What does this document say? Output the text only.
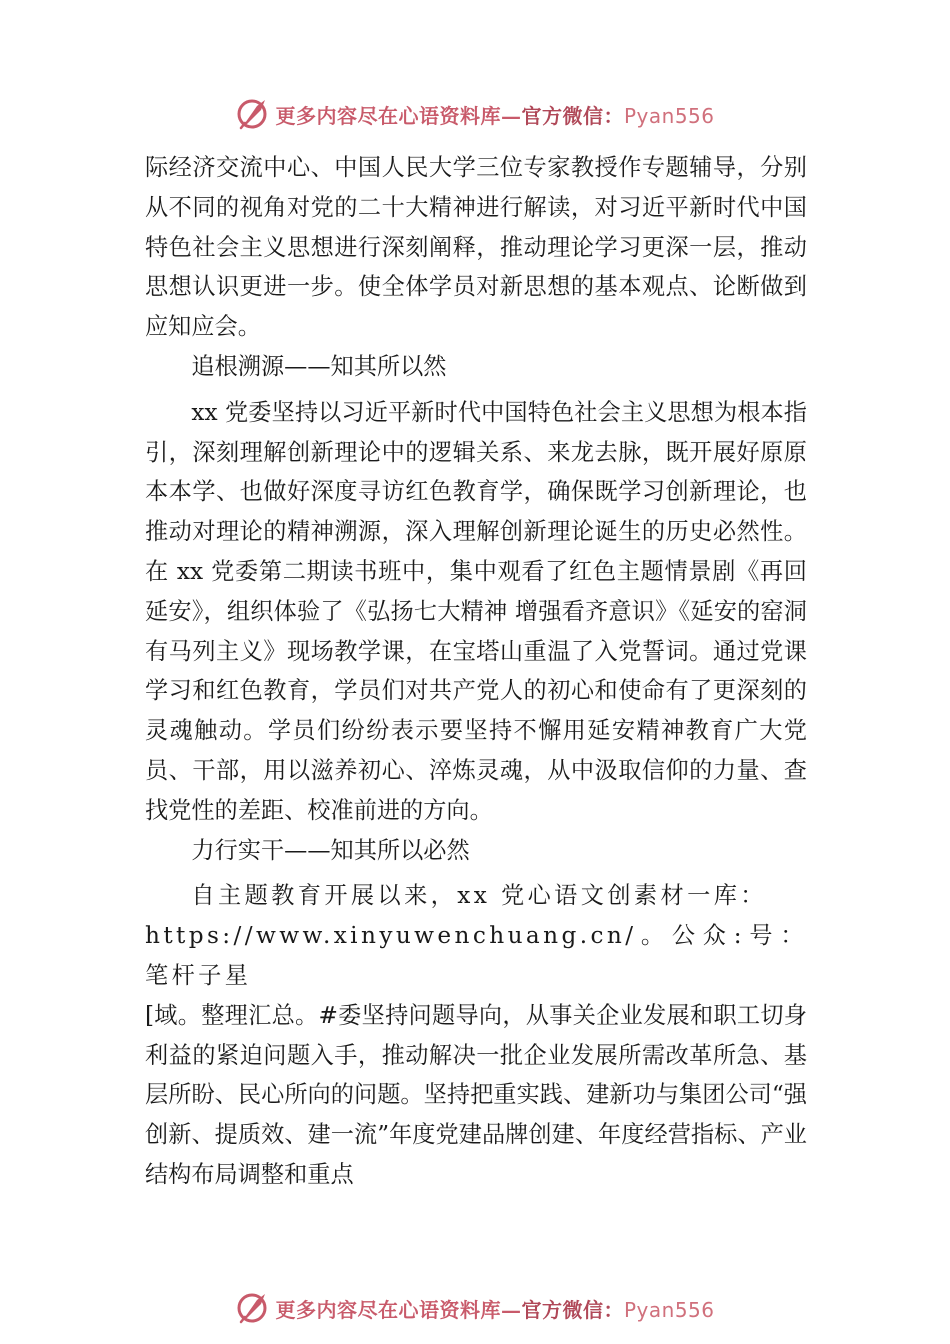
更多内容尽在心语资料库—官方微信：Pyan556

际经济交流中心、中国人民大学三位专家教授作专题辅导，分别从不同的视角对党的二十大精神进行解读，对习近平新时代中国特色社会主义思想进行深刻阐释，推动理论学习更深一层，推动思想认识更进一步。使全体学员对新思想的基本观点、论断做到应知应会。

追根溯源——知其所以然

xx 党委坚持以习近平新时代中国特色社会主义思想为根本指引，深刻理解创新理论中的逻辑关系、来龙去脉，既开展好原原本本学、也做好深度寻访红色教育学，确保既学习创新理论，也推动对理论的精神溯源，深入理解创新理论诞生的历史必然性。在 xx 党委第二期读书班中，集中观看了红色主题情景剧《再回延安》，组织体验了《弘扬七大精神 增强看齐意识》《延安的窑洞有马列主义》现场教学课，在宝塔山重温了入党誓词。通过党课学习和红色教育，学员们对共产党人的初心和使命有了更深刻的灵魂触动。学员们纷纷表示要坚持不懈用延安精神教育广大党员、干部，用以滋养初心、淬炼灵魂，从中汲取信仰的力量、查找党性的差距、校准前进的方向。

力行实干——知其所以必然

自主题教育开展以来，xx 党心语文创素材一库：

https://www.xinyuwenchuang.cn/。公众:号：笔杆子星

[域。整理汇总。#委坚持问题导向，从事关企业发展和职工切身利益的紧迫问题入手，推动解决一批企业发展所需改革所急、基层所盼、民心所向的问题。坚持把重实践、建新功与集团公司“强创新、提质效、建一流”年度党建品牌创建、年度经营指标、产业结构布局调整和重点

更多内容尽在心语资料库—官方微信：Pyan556
